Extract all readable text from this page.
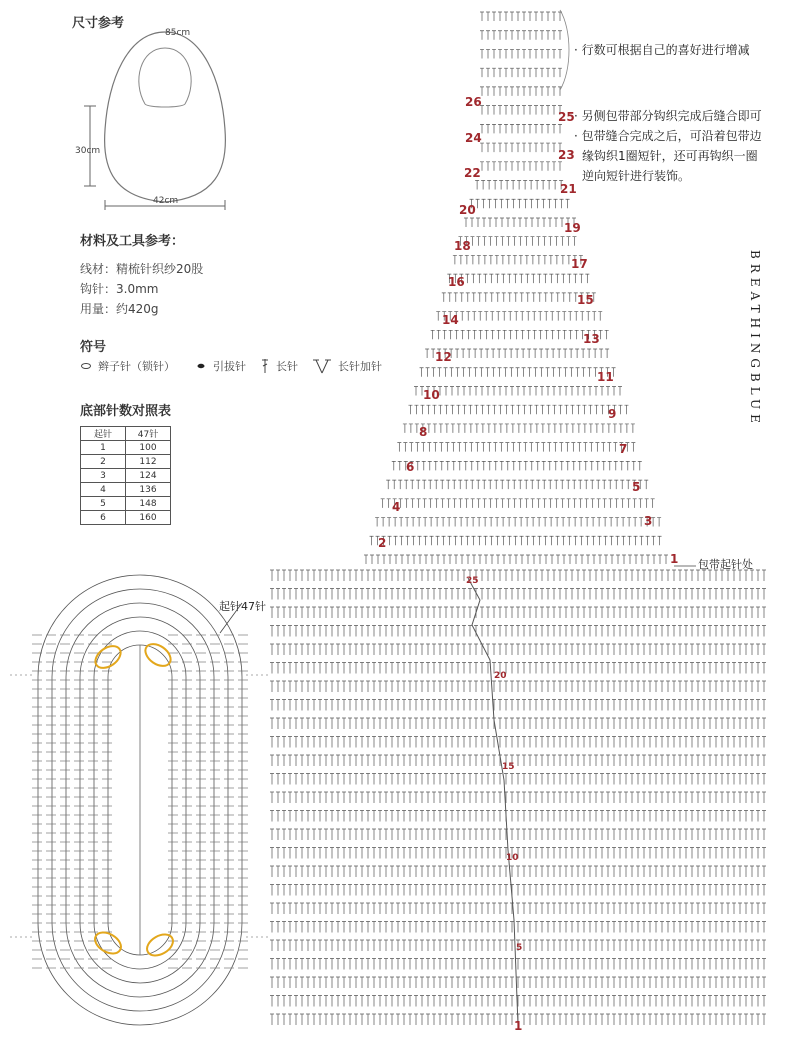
尺寸参考
85cm
30cm
42cm
材料及工具参考：
线材：精梳针织纱20股
钩针：3.0mm
用量：约420g
符号
辫子针（锁针）	引拔针	长针	长针加针
底部针数对照表
起针	47针
1	100
2	112
3	124
4	136
5	148
6	160
起针47针
1
2
3
4
5
6
7
8
9
10
11
12
13
14
15
16
17
18
19
20
21
22
23
24
25
26
1
5
10
15
20
25
包带起针处
· 行数可根据自己的喜好进行增减
· 另侧包带部分钩织完成后缝合即可
· 包带缝合完成之后，可沿着包带边
缘钩织1圈短针，还可再钩织一圈
逆向短针进行装饰。
BREATHINGBLUE
